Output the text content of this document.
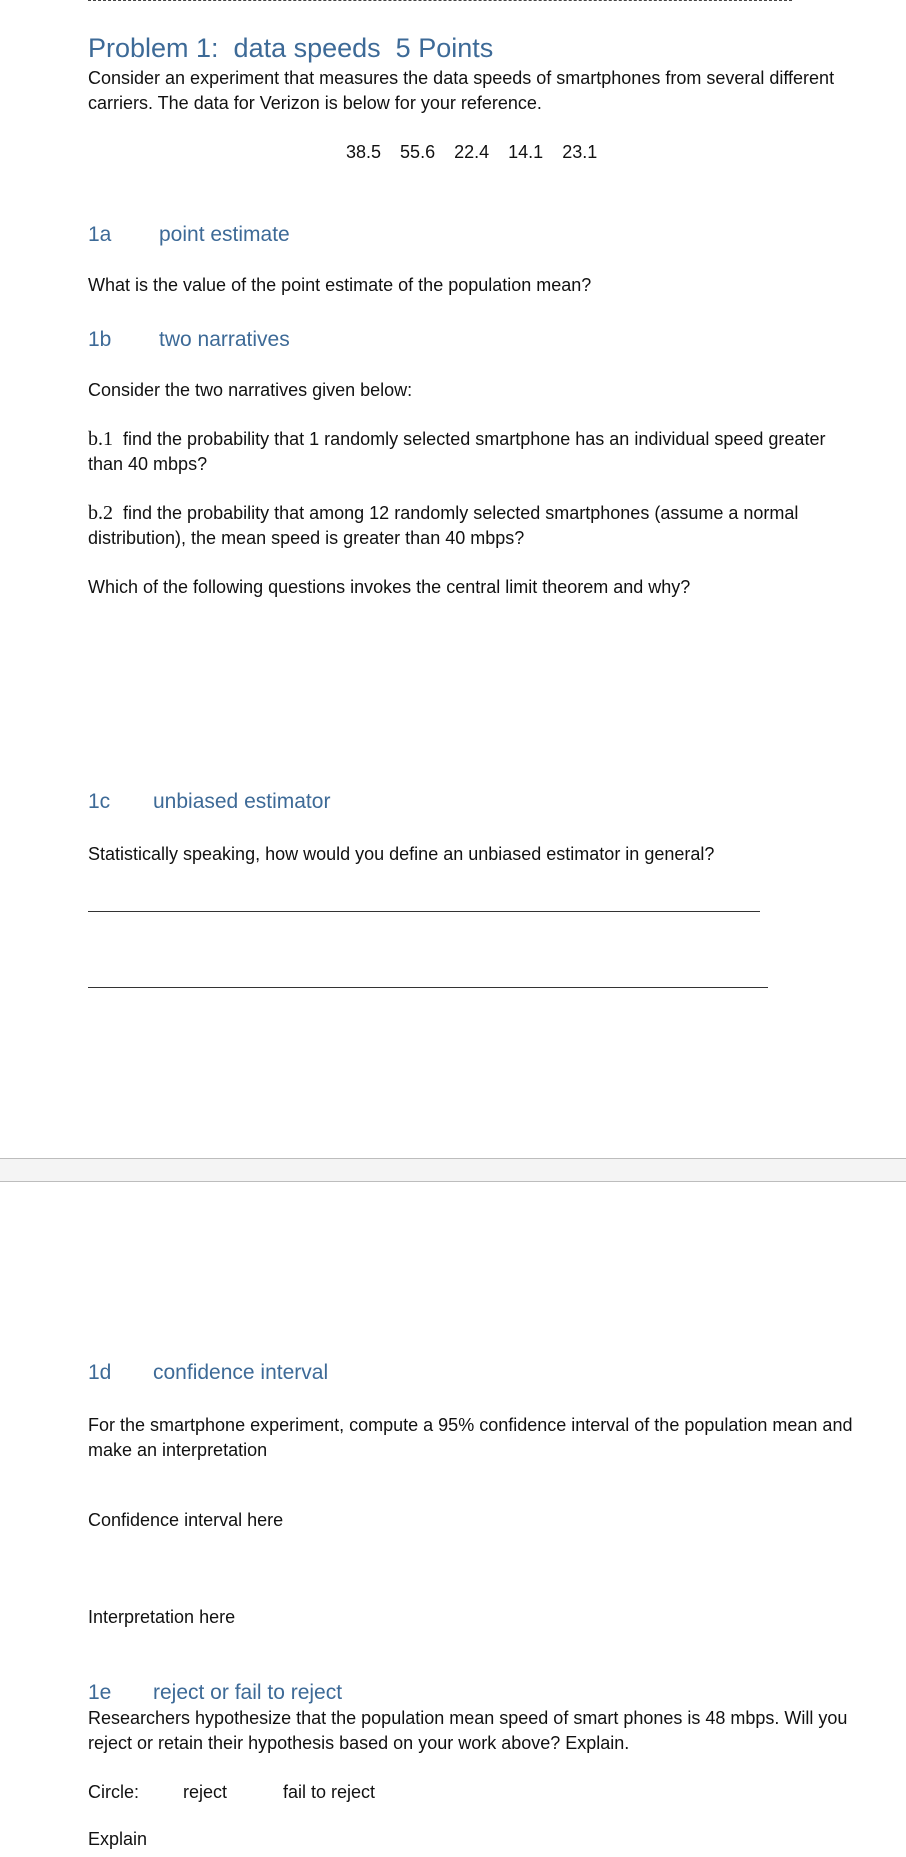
Problem 1:  data speeds  5 Points
Consider an experiment that measures the data speeds of smartphones from several different carriers. The data for Verizon is below for your reference.
38.5 55.6 22.4 14.1 23.1
1a point estimate
What is the value of the point estimate of the population mean?
1b two narratives
Consider the two narratives given below:
b.1 find the probability that 1 randomly selected smartphone has an individual speed greater than 40 mbps?
b.2 find the probability that among 12 randomly selected smartphones (assume a normal distribution), the mean speed is greater than 40 mbps?
Which of the following questions invokes the central limit theorem and why?
1c unbiased estimator
Statistically speaking, how would you define an unbiased estimator in general?
1d confidence interval
For the smartphone experiment, compute a 95% confidence interval of the population mean and make an interpretation
Confidence interval here
Interpretation here
1e reject or fail to reject
Researchers hypothesize that the population mean speed of smart phones is 48 mbps. Will you reject or retain their hypothesis based on your work above? Explain.
Circle: reject	fail to reject
Explain
